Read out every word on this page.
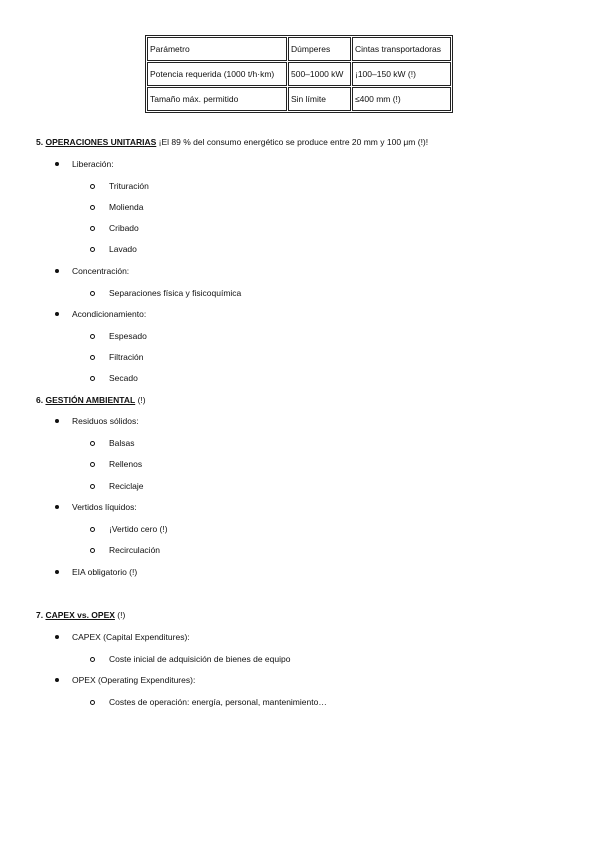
Parámetro	Dúmperes	Cintas transportadoras
Potencia requerida (1000 t/h·km)	500–1000 kW	¡100–150 kW (!)
Tamaño máx. permitido	Sin límite	≤400 mm (!)
5. OPERACIONES UNITARIAS ¡El 89 % del consumo energético se produce entre 20 mm y 100 μm (!)!
Liberación:
Trituración
Molienda
Cribado
Lavado
Concentración:
Separaciones física y fisicoquímica
Acondicionamiento:
Espesado
Filtración
Secado
6. GESTIÓN AMBIENTAL (!)
Residuos sólidos:
Balsas
Rellenos
Reciclaje
Vertidos líquidos:
¡Vertido cero (!)
Recirculación
EIA obligatorio (!)
7. CAPEX vs. OPEX (!)
CAPEX (Capital Expenditures):
Coste inicial de adquisición de bienes de equipo
OPEX (Operating Expenditures):
Costes de operación: energía, personal, mantenimiento…
